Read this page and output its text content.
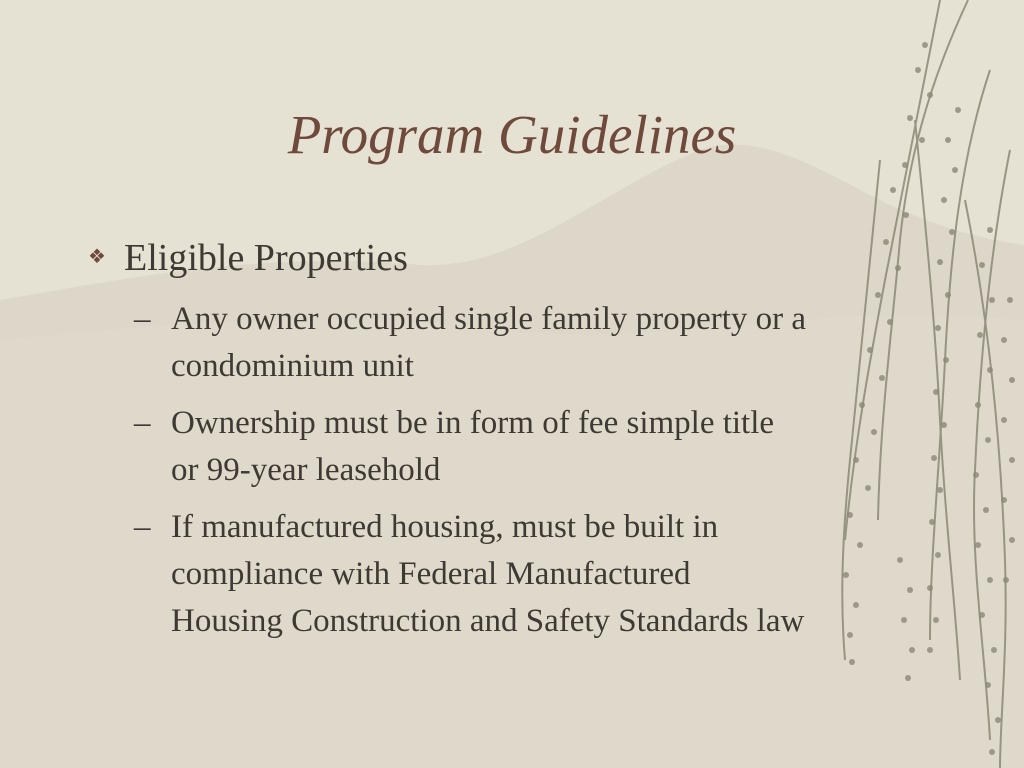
Program Guidelines
❖ Eligible Properties
– Any owner occupied single family property or a
condominium unit
– Ownership must be in form of fee simple title
or 99-year leasehold
– If manufactured housing, must be built in
compliance with Federal Manufactured
Housing Construction and Safety Standards law
